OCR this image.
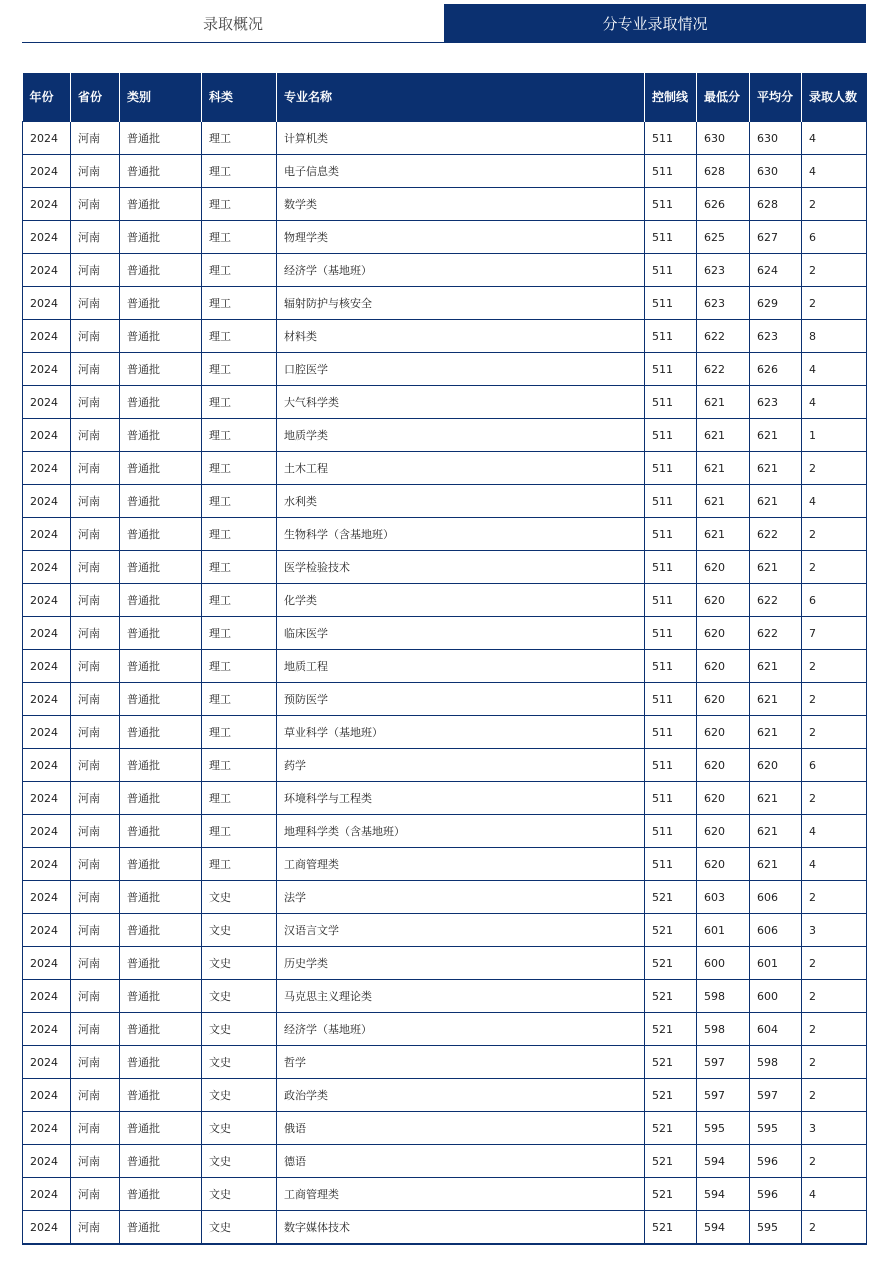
录取概况	分专业录取情况
年份	省份	类别	科类	专业名称	控制线	最低分	平均分	录取人数
2024	河南	普通批	理工	计算机类	511	630	630	4
2024	河南	普通批	理工	电子信息类	511	628	630	4
2024	河南	普通批	理工	数学类	511	626	628	2
2024	河南	普通批	理工	物理学类	511	625	627	6
2024	河南	普通批	理工	经济学（基地班）	511	623	624	2
2024	河南	普通批	理工	辐射防护与核安全	511	623	629	2
2024	河南	普通批	理工	材料类	511	622	623	8
2024	河南	普通批	理工	口腔医学	511	622	626	4
2024	河南	普通批	理工	大气科学类	511	621	623	4
2024	河南	普通批	理工	地质学类	511	621	621	1
2024	河南	普通批	理工	土木工程	511	621	621	2
2024	河南	普通批	理工	水利类	511	621	621	4
2024	河南	普通批	理工	生物科学（含基地班）	511	621	622	2
2024	河南	普通批	理工	医学检验技术	511	620	621	2
2024	河南	普通批	理工	化学类	511	620	622	6
2024	河南	普通批	理工	临床医学	511	620	622	7
2024	河南	普通批	理工	地质工程	511	620	621	2
2024	河南	普通批	理工	预防医学	511	620	621	2
2024	河南	普通批	理工	草业科学（基地班）	511	620	621	2
2024	河南	普通批	理工	药学	511	620	620	6
2024	河南	普通批	理工	环境科学与工程类	511	620	621	2
2024	河南	普通批	理工	地理科学类（含基地班）	511	620	621	4
2024	河南	普通批	理工	工商管理类	511	620	621	4
2024	河南	普通批	文史	法学	521	603	606	2
2024	河南	普通批	文史	汉语言文学	521	601	606	3
2024	河南	普通批	文史	历史学类	521	600	601	2
2024	河南	普通批	文史	马克思主义理论类	521	598	600	2
2024	河南	普通批	文史	经济学（基地班）	521	598	604	2
2024	河南	普通批	文史	哲学	521	597	598	2
2024	河南	普通批	文史	政治学类	521	597	597	2
2024	河南	普通批	文史	俄语	521	595	595	3
2024	河南	普通批	文史	德语	521	594	596	2
2024	河南	普通批	文史	工商管理类	521	594	596	4
2024	河南	普通批	文史	数字媒体技术	521	594	595	2
